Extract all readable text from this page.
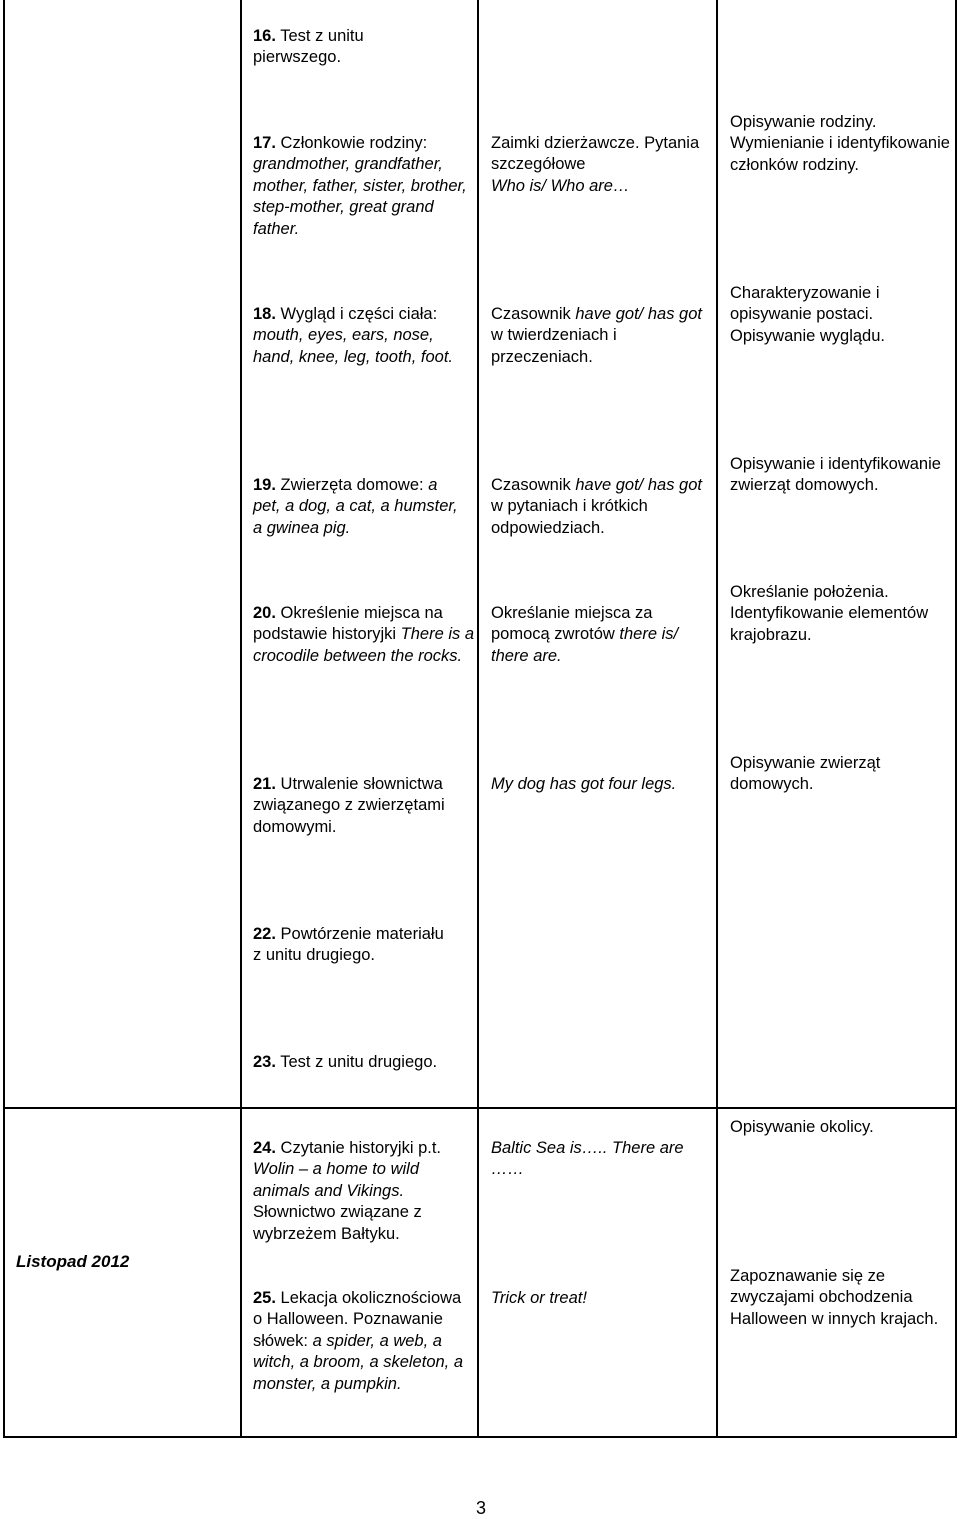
16. Test z unitu pierwszego.
17. Członkowie rodziny: grandmother, grandfather, mother, father, sister, brother, step-mother, great grand father.
Zaimki dzierżawcze. Pytania szczegółowe
Who is/ Who are…
Opisywanie rodziny. Wymienianie i identyfikowanie członków rodziny.
18. Wygląd i części ciała: mouth, eyes, ears, nose, hand, knee, leg, tooth, foot.
Czasownik have got/ has got w twierdzeniach i przeczeniach.
Charakteryzowanie i opisywanie postaci. Opisywanie wyglądu.
19. Zwierzęta domowe: a pet, a dog, a cat, a humster, a gwinea pig.
Czasownik have got/ has got w pytaniach i krótkich odpowiedziach.
Opisywanie i identyfikowanie zwierząt domowych.
20. Określenie miejsca na podstawie historyjki There is a crocodile between the rocks.
Określanie miejsca za pomocą zwrotów there is/ there are.
Określanie położenia. Identyfikowanie elementów krajobrazu.
21. Utrwalenie słownictwa związanego z zwierzętami domowymi.
My dog has got four legs.
Opisywanie zwierząt domowych.
22. Powtórzenie materiału z unitu drugiego.
23. Test z unitu drugiego.
Listopad 2012
24. Czytanie historyjki p.t. Wolin – a home to wild animals and Vikings. Słownictwo związane z wybrzeżem Bałtyku.
Baltic Sea is….. There are ……
Opisywanie okolicy.
25. Lekacja okolicznościowa o Halloween. Poznawanie słówek: a spider, a web, a witch, a broom, a skeleton, a monster, a pumpkin.
Trick or treat!
Zapoznawanie się ze zwyczajami obchodzenia Halloween w innych krajach.
3
